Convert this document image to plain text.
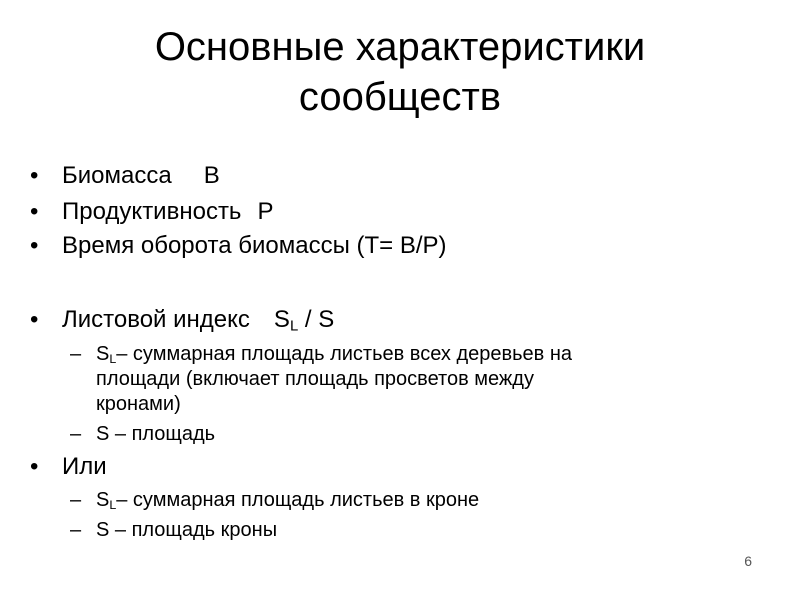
Основные характеристики
сообществ
• Биомасса В
• Продуктивность Р
• Время оборота биомассы (Т= В/Р)
• Листовой индекс $S_L$ / S
– $S_L-$ суммарная площадь листьев всех деревьев на
площади (включает площадь просветов между
кронами)
– S – площадь
• Или
– $S_L-$ суммарная площадь листьев в кроне
– S – площадь кроны
6
